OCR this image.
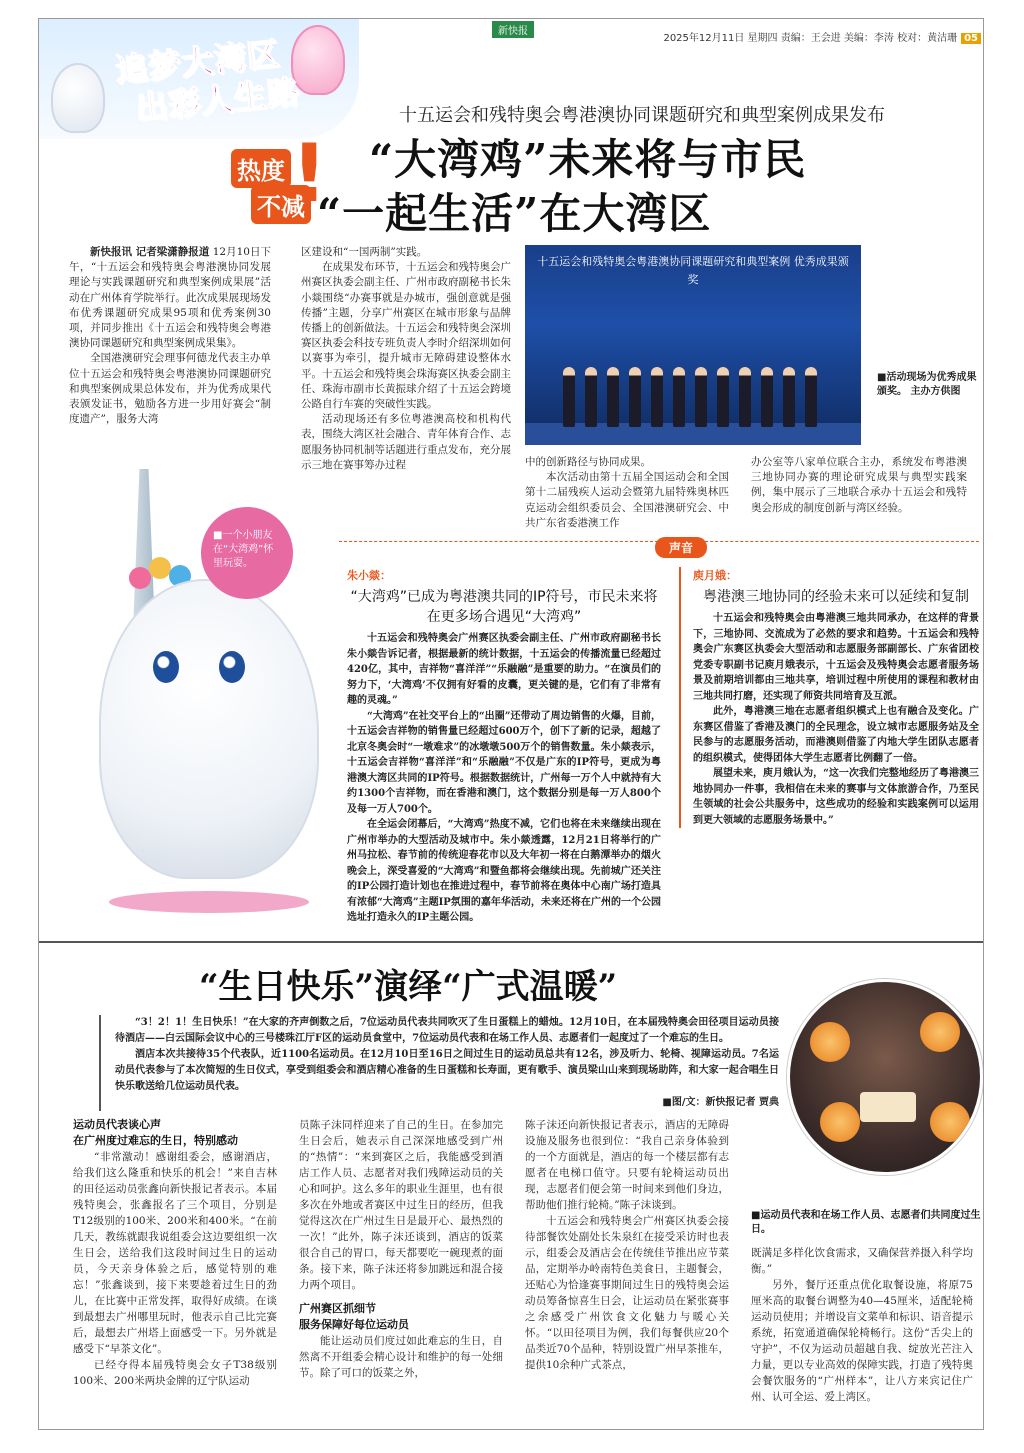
追梦大湾区
出彩人生路
新快报
2025年12月11日 星期四 责编：王会进 美编：李涛 校对：黄洁珊 05
热度
不减
!
十五运会和残特奥会粤港澳协同课题研究和典型案例成果发布
“大湾鸡”未来将与市民
“一起生活”在大湾区

新快报讯 记者梁潇静报道 12月10日下午，“十五运会和残特奥会粤港澳协同发展理论与实践课题研究和典型案例成果展”活动在广州体育学院举行。此次成果展现场发布优秀课题研究成果95项和优秀案例30项，并同步推出《十五运会和残特奥会粤港澳协同课题研究和典型案例成果集》。

全国港澳研究会理事何德龙代表主办单位十五运会和残特奥会粤港澳协同课题研究和典型案例成果总体发布，并为优秀成果代表颁发证书，勉励各方进一步用好赛会“制度遗产”，服务大湾

区建设和“一国两制”实践。

在成果发布环节，十五运会和残特奥会广州赛区执委会副主任、广州市政府副秘书长朱小燚围绕“办赛事就是办城市，强创意就是强传播”主题，分享广州赛区在城市形象与品牌传播上的创新做法。十五运会和残特奥会深圳赛区执委会科技专班负责人李时介绍深圳如何以赛事为牵引，提升城市无障碍建设整体水平。十五运会和残特奥会珠海赛区执委会副主任、珠海市副市长黄振球介绍了十五运会跨境公路自行车赛的突破性实践。

活动现场还有多位粤港澳高校和机构代表，围绕大湾区社会融合、青年体育合作、志愿服务协同机制等话题进行重点发布，充分展示三地在赛事筹办过程

十五运会和残特奥会粤港澳协同课题研究和典型案例 优秀成果颁奖
■活动现场为优秀成果颁奖。 主办方供图

中的创新路径与协同成果。

本次活动由第十五届全国运动会和全国第十二届残疾人运动会暨第九届特殊奥林匹克运动会组织委员会、全国港澳研究会、中共广东省委港澳工作

办公室等八家单位联合主办，系统发布粤港澳三地协同办赛的理论研究成果与典型实践案例，集中展示了三地联合承办十五运会和残特奥会形成的制度创新与湾区经验。

■一个小朋友在“大湾鸡”怀里玩耍。
声音
朱小燚：
“大湾鸡”已成为粤港澳共同的IP符号，市民未来将在更多场合遇见“大湾鸡”

十五运会和残特奥会广州赛区执委会副主任、广州市政府副秘书长朱小燚告诉记者，根据最新的统计数据，十五运会的传播流量已经超过420亿，其中，吉祥物“喜洋洋”“乐融融”是重要的助力。“在演员们的努力下，‘大湾鸡’不仅拥有好看的皮囊，更关键的是，它们有了非常有趣的灵魂。”

“大湾鸡”在社交平台上的“出圈”还带动了周边销售的火爆，目前，十五运会吉祥物的销售量已经超过600万个，创下了新的记录，超越了北京冬奥会时“一墩难求”的冰墩墩500万个的销售数量。朱小燚表示，十五运会吉祥物“喜洋洋”和“乐融融”不仅是广东的IP符号，更成为粤港澳大湾区共同的IP符号。根据数据统计，广州每一万个人中就持有大约1300个吉祥物，而在香港和澳门，这个数据分别是每一万人800个及每一万人700个。

在全运会闭幕后，“大湾鸡”热度不减，它们也将在未来继续出现在广州市举办的大型活动及城市中。朱小燚透露，12月21日将举行的广州马拉松、春节前的传统迎春花市以及大年初一将在白鹅潭举办的烟火晚会上，深受喜爱的“大湾鸡”和暨鱼都将会继续出现。先前城广还关注的IP公园打造计划也在推进过程中，春节前将在奥体中心南广场打造具有浓郁“大湾鸡”主题IP氛围的嘉年华活动，未来还将在广州的一个公园选址打造永久的IP主题公园。

庾月娥：
粤港澳三地协同的经验未来可以延续和复制

十五运会和残特奥会由粤港澳三地共同承办，在这样的背景下，三地协同、交流成为了必然的要求和趋势。十五运会和残特奥会广东赛区执委会大型活动和志愿服务部副部长、广东省团校党委专职副书记庾月娥表示，十五运会及残特奥会志愿者服务场景及前期培训都由三地共享，培训过程中所使用的课程和教材由三地共同打磨，还实现了师资共同培育及互派。

此外，粤港澳三地在志愿者组织模式上也有融合及变化。广东赛区借鉴了香港及澳门的全民理念，设立城市志愿服务站及全民参与的志愿服务活动，而港澳则借鉴了内地大学生团队志愿者的组织模式，使得团体大学生志愿者比例翻了一倍。

展望未来，庾月娥认为，“这一次我们完整地经历了粤港澳三地协同办一件事，我相信在未来的赛事与文体旅游合作，乃至民生领域的社会公共服务中，这些成功的经验和实践案例可以运用到更大领域的志愿服务场景中。”

“生日快乐”演绎“广式温暖”

“3！2！1！生日快乐！”在大家的齐声倒数之后，7位运动员代表共同吹灭了生日蛋糕上的蜡烛。12月10日，在本届残特奥会田径项目运动员接待酒店——白云国际会议中心的三号楼珠江厅F区的运动员食堂中，7位运动员代表和在场工作人员、志愿者们一起度过了一个难忘的生日。

酒店本次共接待35个代表队，近1100名运动员。在12月10日至16日之间过生日的运动员总共有12名，涉及听力、轮椅、视障运动员。7名运动员代表参与了本次简短的生日仪式，享受到组委会和酒店精心准备的生日蛋糕和长寿面，更有歌手、演员梁山山来到现场助阵，和大家一起合唱生日快乐歌送给几位运动员代表。

■图/文：新快报记者 贾典
■运动员代表和在场工作人员、志愿者们共同度过生日。
运动员代表谈心声
在广州度过难忘的生日，特别感动

“非常激动！感谢组委会，感谢酒店，给我们这么隆重和快乐的机会！”来自吉林的田径运动员张鑫向新快报记者表示。本届残特奥会，张鑫报名了三个项目，分别是T12级别的100米、200米和400米。“在前几天，教练就跟我说组委会这边要组织一次生日会，送给我们这段时间过生日的运动员，今天亲身体验之后，感觉特别的难忘！”张鑫谈到，接下来要趁着过生日的劲儿，在比赛中正常发挥，取得好成绩。在谈到最想去广州哪里玩时，他表示自己比完赛后，最想去广州塔上面感受一下。另外就是感受下“早茶文化”。

已经夺得本届残特奥会女子T38级别100米、200米两块金牌的辽宁队运动

员陈子沫同样迎来了自己的生日。在参加完生日会后，她表示自己深深地感受到广州的“热情”：“来到赛区之后，我能感受到酒店工作人员、志愿者对我们残障运动员的关心和呵护。这么多年的职业生涯里，也有很多次在外地或者赛区中过生日的经历，但我觉得这次在广州过生日是最开心、最热烈的一次！”此外，陈子沫还谈到，酒店的饭菜很合自己的胃口，每天都要吃一碗现煮的面条。接下来，陈子沫还将参加跳远和混合接力两个项目。

广州赛区抓细节
服务保障好每位运动员

能让运动员们度过如此难忘的生日，自然离不开组委会精心设计和维护的每一处细节。除了可口的饭菜之外，

陈子沫还向新快报记者表示，酒店的无障碍设施及服务也很到位：“我自己亲身体验到的一个方面就是，酒店的每一个楼层都有志愿者在电梯口值守。只要有轮椅运动员出现，志愿者们便会第一时间来到他们身边，帮助他们推行轮椅。”陈子沫谈到。

十五运会和残特奥会广州赛区执委会接待部餐饮处副处长朱泉红在接受采访时也表示，组委会及酒店会在传统佳节推出应节菜品，定期举办岭南特色美食日，主题餐会，还贴心为恰逢赛事期间过生日的残特奥会运动员筹备惊喜生日会，让运动员在紧张赛事之余感受广州饮食文化魅力与暖心关怀。“以田径项目为例，我们每餐供应20个品类近70个品种，特别设置广州早茶推车，提供10余种广式茶点，

既满足多样化饮食需求，又确保营养摄入科学均衡。”

另外，餐厅还重点优化取餐设施，将原75厘米高的取餐台调整为40—45厘米，适配轮椅运动员使用；并增设盲文菜单和标识、语音提示系统，拓宽通道确保轮椅畅行。这份“舌尖上的守护”，不仅为运动员超越自我、绽放光芒注入力量，更以专业高效的保障实践，打造了残特奥会餐饮服务的“广州样本”，让八方来宾记住广州、认可全运、爱上湾区。
